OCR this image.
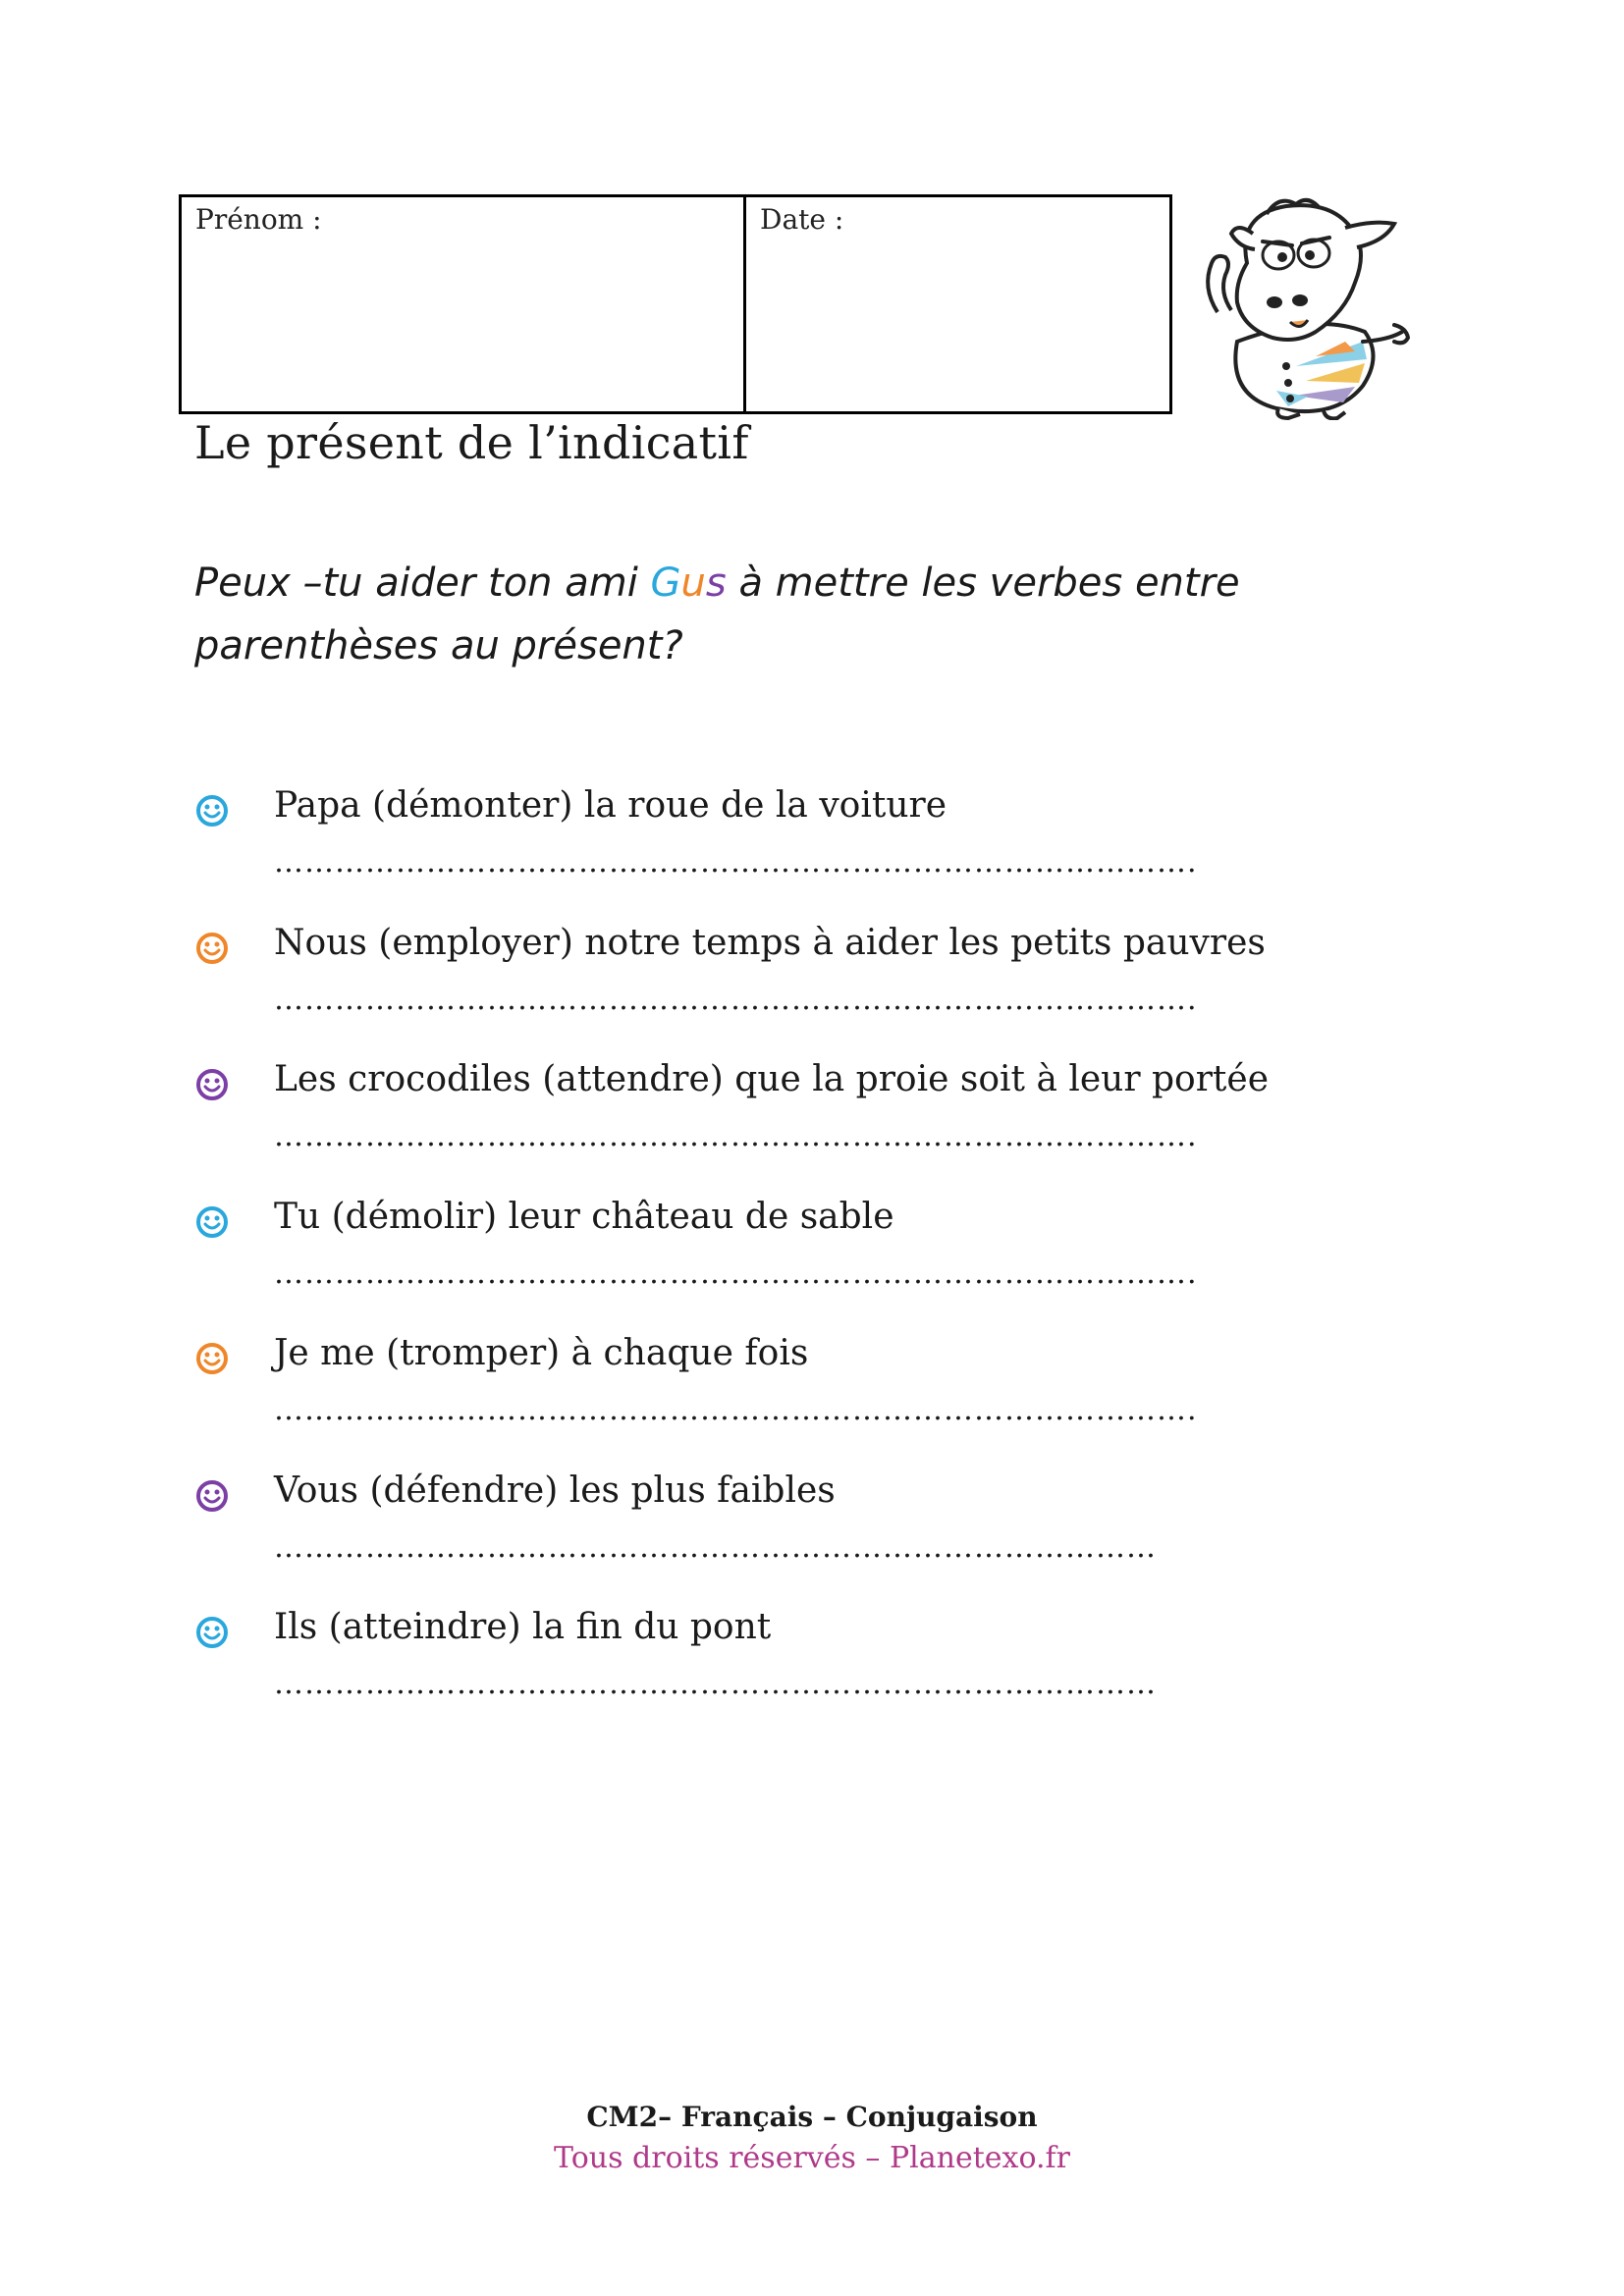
Prénom :	Date :
Le présent de l’indicatif
Peux –tu aider ton ami Gus à mettre les verbes entre parenthèses au présent?
Papa (démonter) la roue de la voiture
……………………………………………………………………………….
Nous (employer) notre temps à aider les petits pauvres
……………………………………………………………………………….
Les crocodiles (attendre) que la proie soit à leur portée
……………………………………………………………………………….
Tu (démolir) leur château de sable
……………………………………………………………………………….
Je me (tromper) à chaque fois
……………………………………………………………………………….
Vous (défendre) les plus faibles
……………………………………………………………………………
Ils (atteindre) la fin du pont
……………………………………………………………………………
CM2– Français – Conjugaison
Tous droits réservés – Planetexo.fr
